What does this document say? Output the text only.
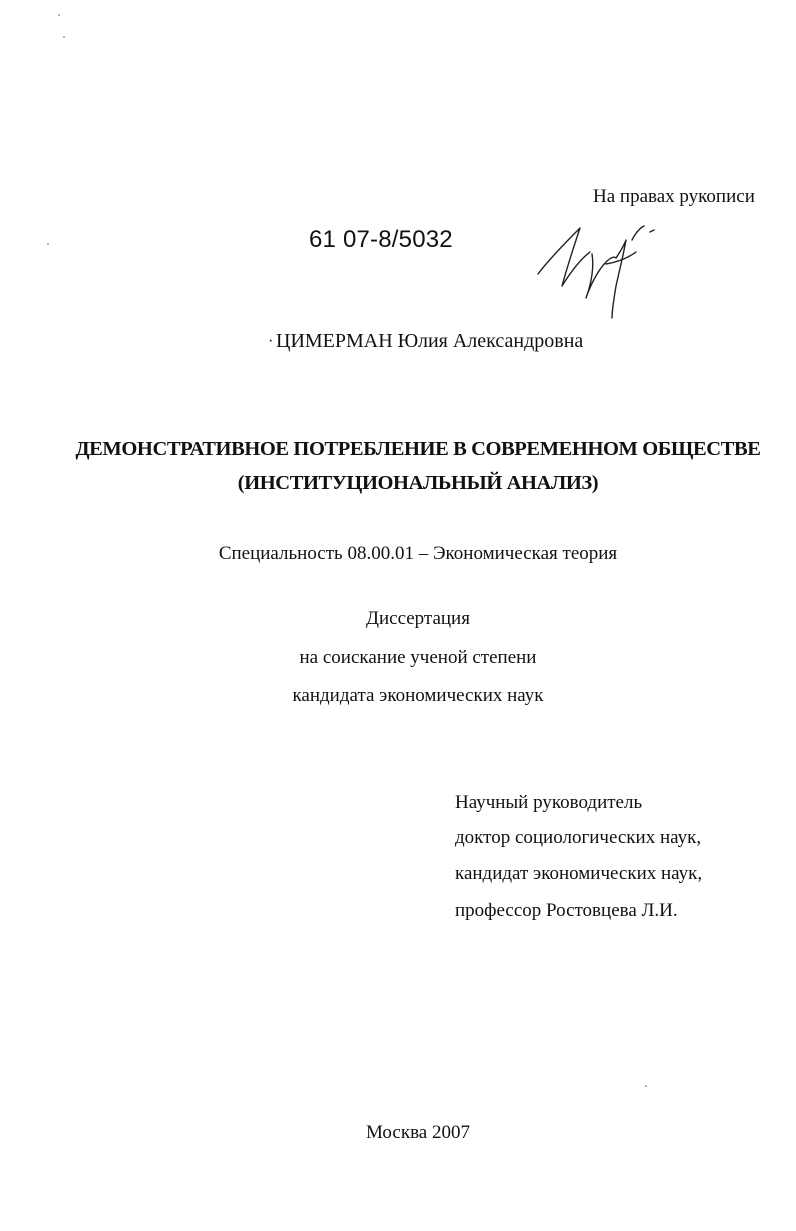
На правах рукописи
61 07-8/5032
· ЦИМЕРМАН Юлия Александровна
ДЕМОНСТРАТИВНОЕ ПОТРЕБЛЕНИЕ В СОВРЕМЕННОМ ОБЩЕСТВЕ
(ИНСТИТУЦИОНАЛЬНЫЙ АНАЛИЗ)
Специальность 08.00.01 – Экономическая теория
Диссертация
на соискание ученой степени
кандидата экономических наук
Научный руководитель
доктор социологических наук,
кандидат экономических наук,
профессор Ростовцева Л.И.
Москва 2007
